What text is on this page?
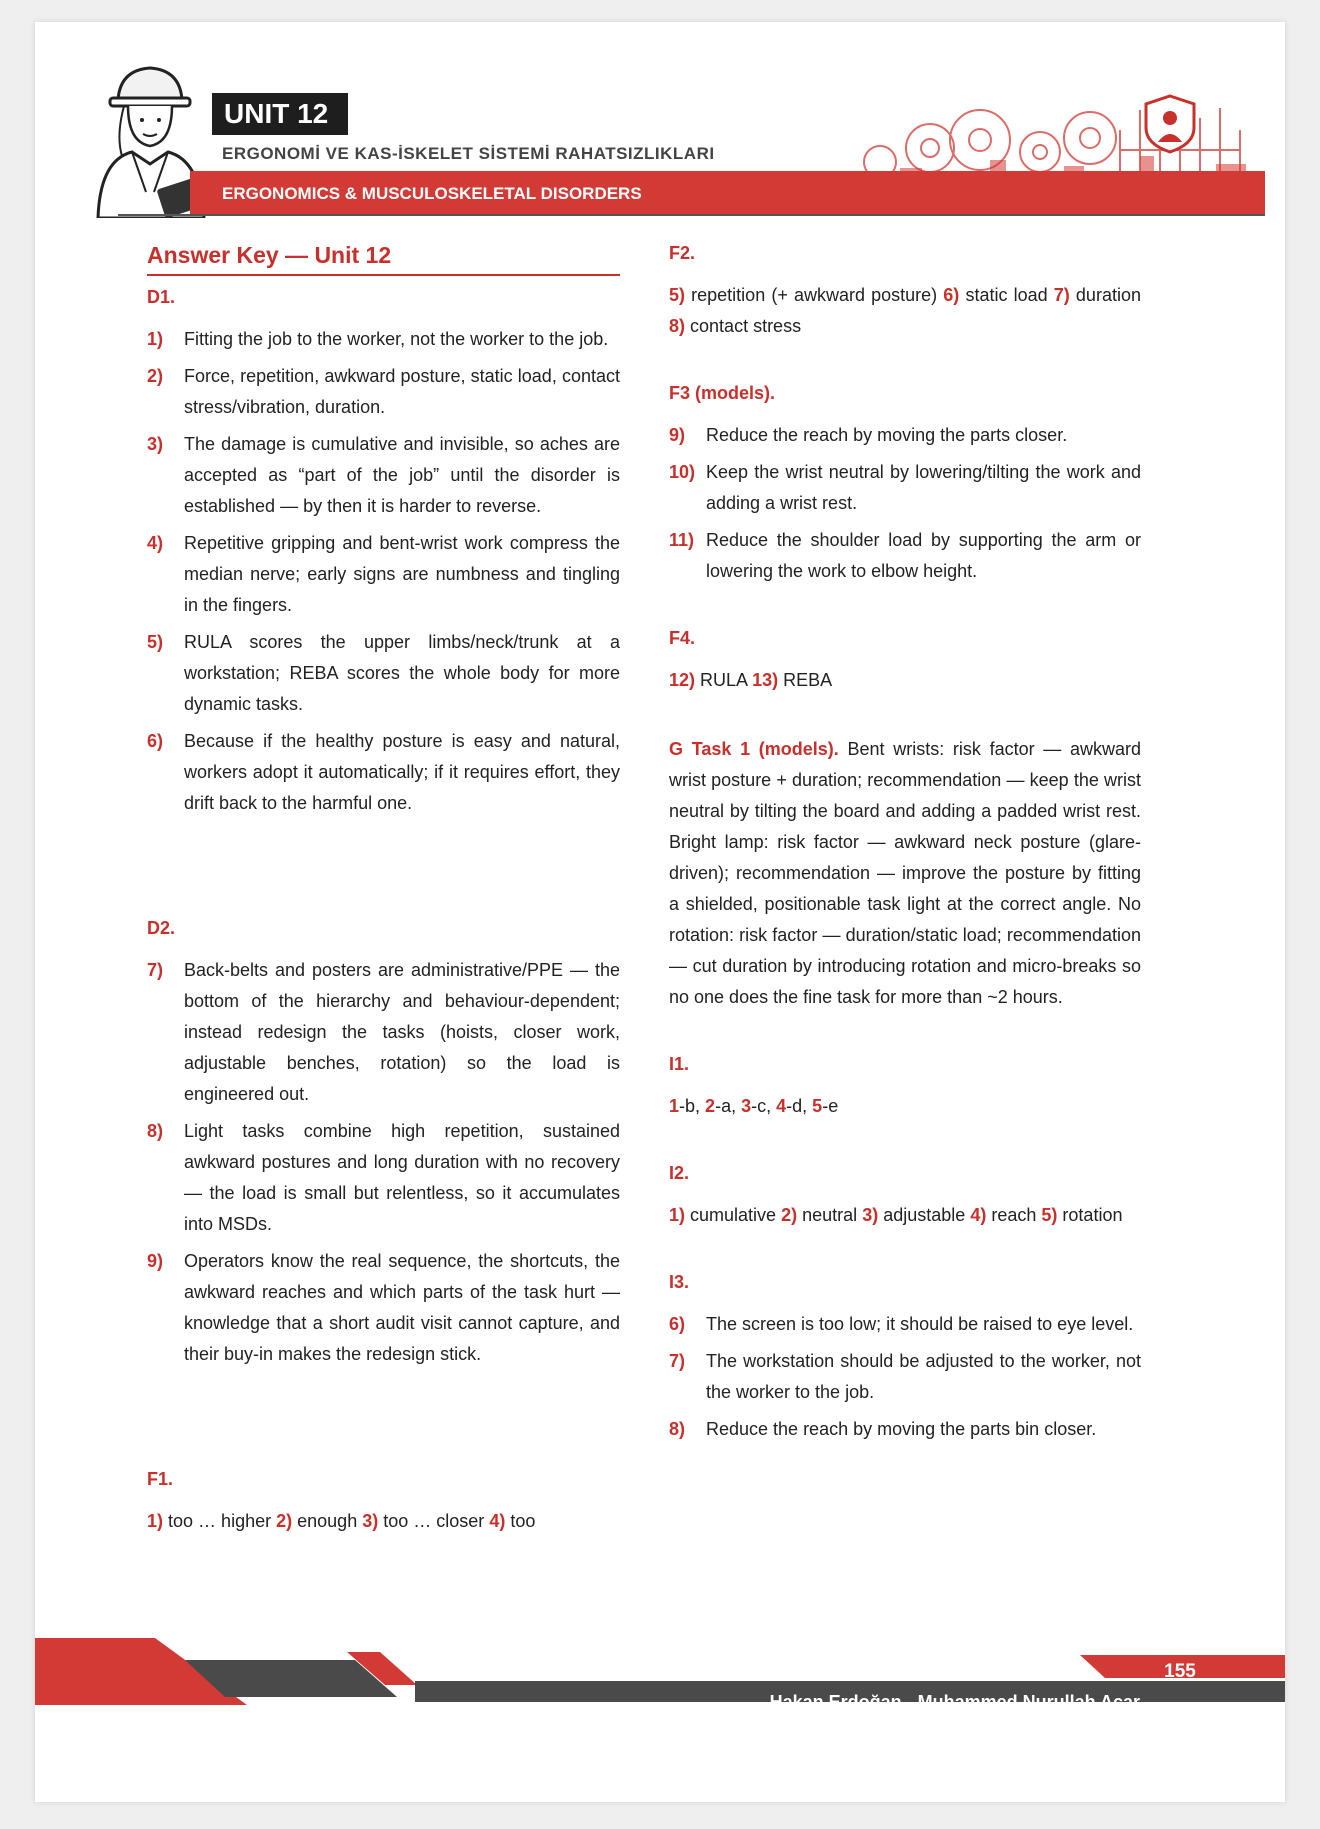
UNIT 12
ERGONOMİ VE KAS-İSKELET SİSTEMİ RAHATSIZLIKLARI
ERGONOMICS & MUSCULOSKELETAL DISORDERS
Answer Key — Unit 12
D1.
1)	Fitting the job to the worker, not the worker to the job.
2)	Force, repetition, awkward posture, static load, contact stress/vibration, duration.
3)	The damage is cumulative and invisible, so aches are accepted as “part of the job” until the disorder is established — by then it is harder to reverse.
4)	Repetitive gripping and bent-wrist work compress the median nerve; early signs are numbness and tingling in the fingers.
5)	RULA scores the upper limbs/neck/trunk at a workstation; REBA scores the whole body for more dynamic tasks.
6)	Because if the healthy posture is easy and natural, workers adopt it automatically; if it requires effort, they drift back to the harmful one.
D2.
7)	Back-belts and posters are administrative/PPE — the bottom of the hierarchy and behaviour-dependent; instead redesign the tasks (hoists, closer work, adjustable benches, rotation) so the load is engineered out.
8)	Light tasks combine high repetition, sustained awkward postures and long duration with no recovery — the load is small but relentless, so it accumulates into MSDs.
9)	Operators know the real sequence, the shortcuts, the awkward reaches and which parts of the task hurt — knowledge that a short audit visit cannot capture, and their buy-in makes the redesign stick.
F1.
1) too … higher 2) enough 3) too … closer 4) too
F2.
5) repetition (+ awkward posture) 6) static load 7) duration 8) contact stress
F3 (models).
9)	Reduce the reach by moving the parts closer.
10) Keep the wrist neutral by lowering/tilting the work and adding a wrist rest.
11) Reduce the shoulder load by supporting the arm or lowering the work to elbow height.
F4.
12) RULA 13) REBA
G Task 1 (models). Bent wrists: risk factor — awkward wrist posture + duration; recommendation — keep the wrist neutral by tilting the board and adding a padded wrist rest. Bright lamp: risk factor — awkward neck posture (glare-driven); recommendation — improve the posture by fitting a shielded, positionable task light at the correct angle. No rotation: risk factor — duration/static load; recommendation — cut duration by introducing rotation and micro-breaks so no one does the fine task for more than ~2 hours.
I1.
1-b, 2-a, 3-c, 4-d, 5-e
I2.
1) cumulative 2) neutral 3) adjustable 4) reach 5) rotation
I3.
6)	The screen is too low; it should be raised to eye level.
7)	The workstation should be adjusted to the worker, not the worker to the job.
8)	Reduce the reach by moving the parts bin closer.
155
Hakan Erdoğan - Muhammed Nurullah Acar
